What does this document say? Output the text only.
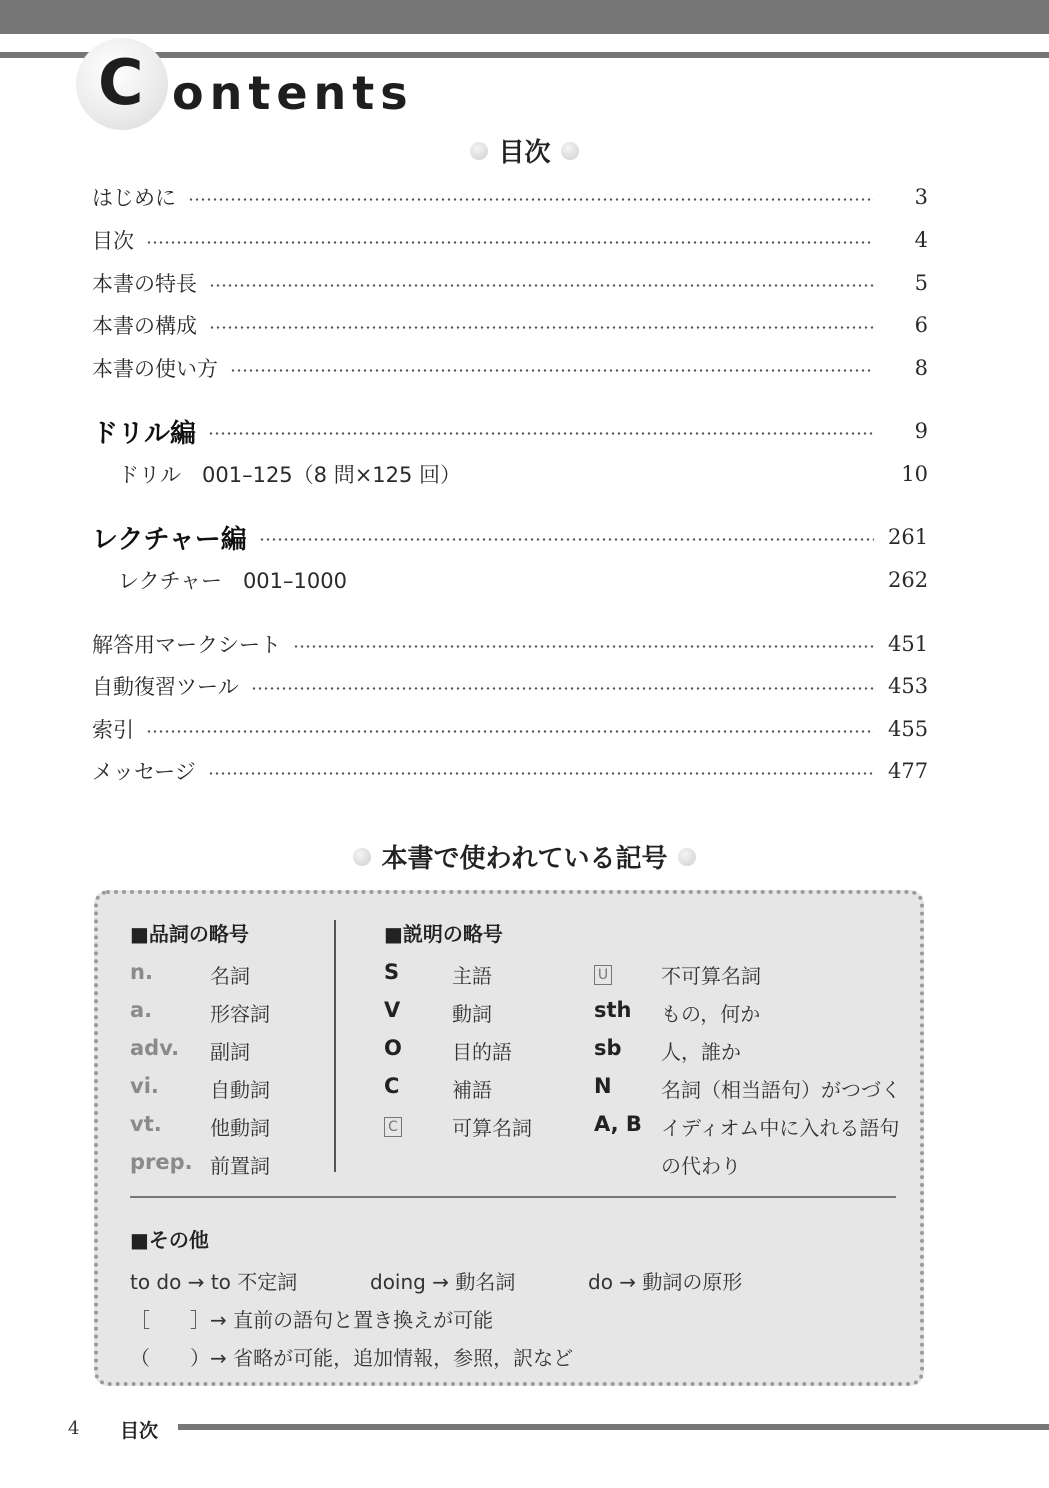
C ontents
目次
はじめに	3
目次	4
本書の特長	5
本書の構成	6
本書の使い方	8
ドリル編	9
ドリル　001–125（8 問×125 回）	10
レクチャー編	261
レクチャー　001–1000	262
解答用マークシート	451
自動復習ツール	453
索引	455
メッセージ	477
本書で使われている記号
■品詞の略号
n.	名詞
a.	形容詞
adv. 副詞
vi.	自動詞
vt. 他動詞
prep. 前置詞
■説明の略号
S	主語
V	動詞
O	目的語
C	補語
C	可算名詞
U	不可算名詞
sth もの，何か
sb 人，誰か
N 名詞（相当語句）がつづく
A, B イディオム中に入れる語句
の代わり
■その他
to do → to 不定詞	doing → 動名詞	do → 動詞の原形
［　　］→ 直前の語句と置き換えが可能
（　　）→ 省略が可能，追加情報，参照，訳など
4 目次
